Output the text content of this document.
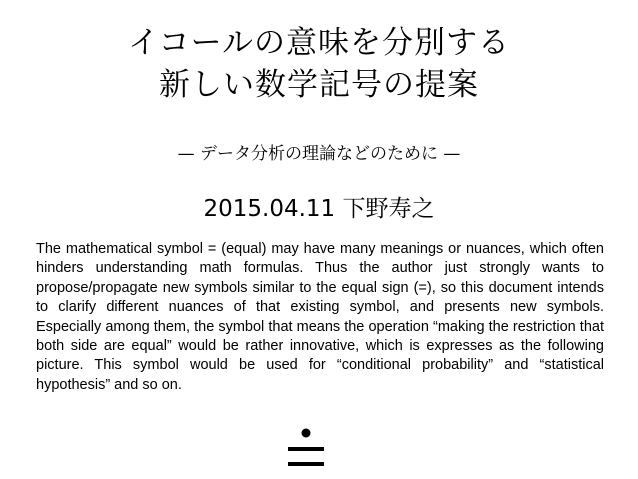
イコールの意味を分別する
新しい数学記号の提案
— データ分析の理論などのために —
2015.04.11 下野寿之
The mathematical symbol = (equal) may have many meanings or nuances, which often hinders understanding math formulas. Thus the author just strongly wants to propose/propagate new symbols similar to the equal sign (=), so this document intends to clarify different nuances of that existing symbol, and presents new symbols. Especially among them, the symbol that means the operation “making the restriction that both side are equal” would be rather innovative, which is expresses as the following picture. This symbol would be used for “conditional probability” and “statistical hypothesis” and so on.
